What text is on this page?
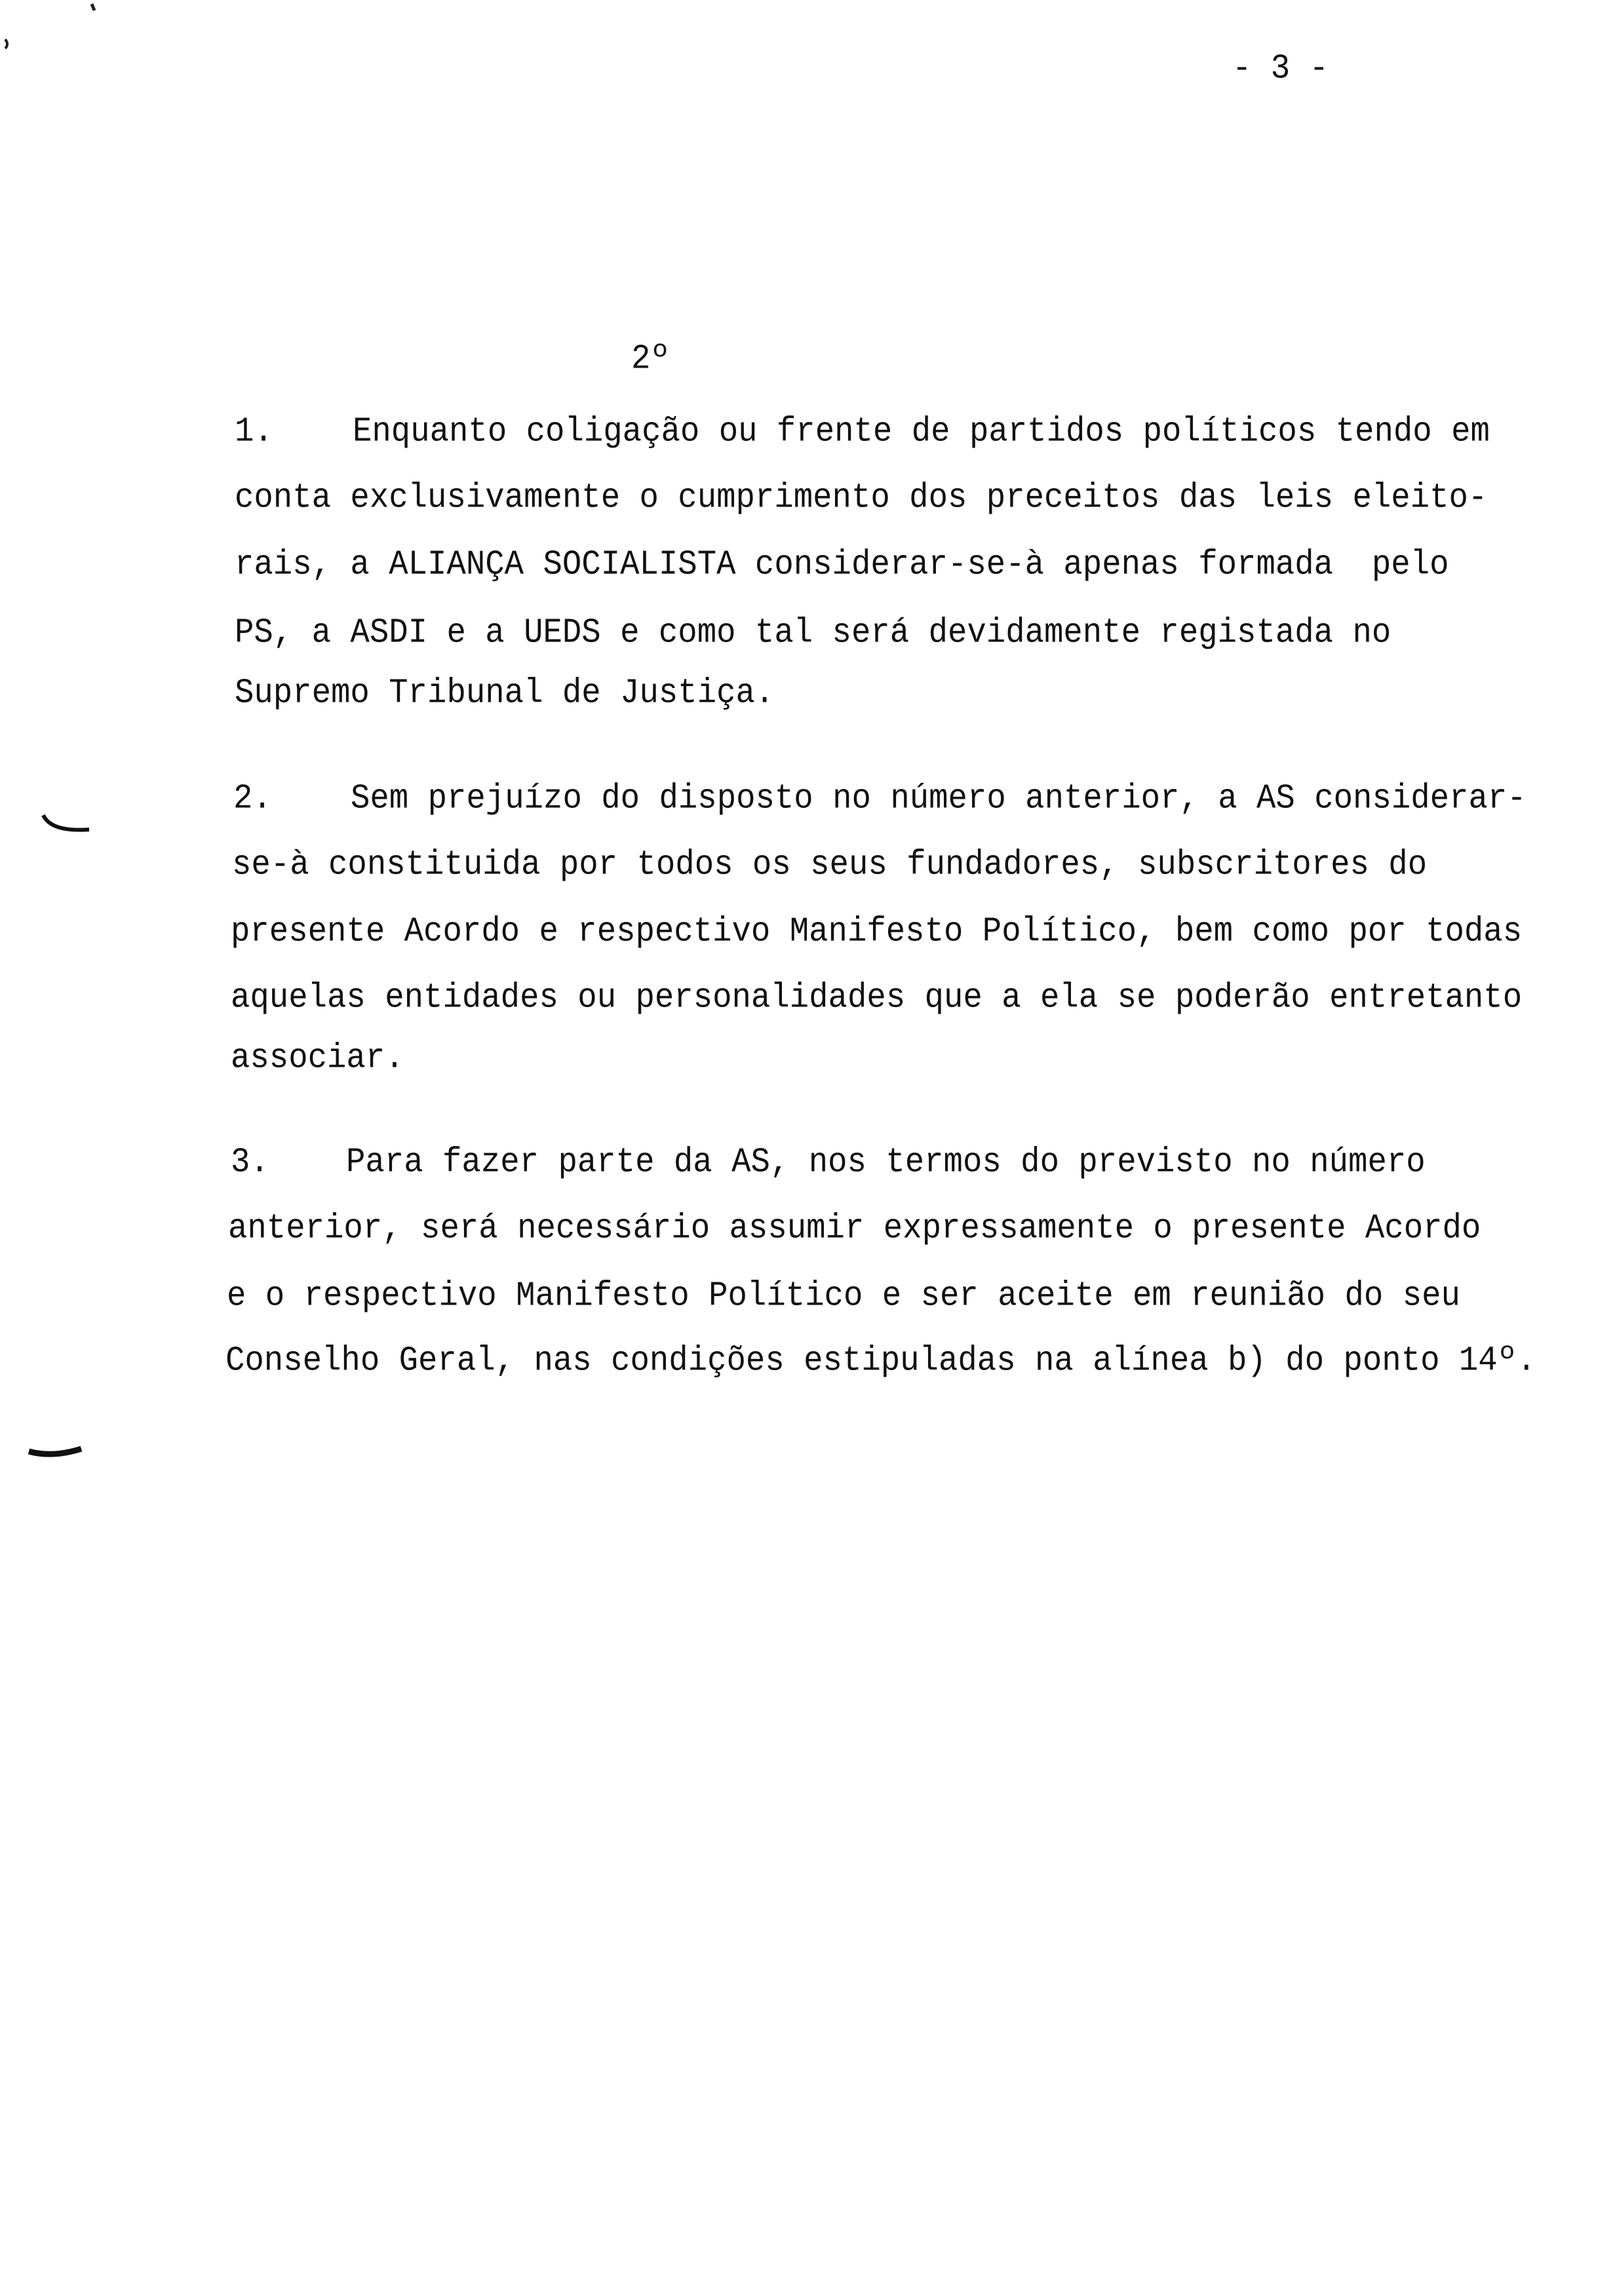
- 3 -
2º
1. Enquanto coligação ou frente de partidos políticos tendo em
conta exclusivamente o cumprimento dos preceitos das leis eleito-
rais, a ALIANÇA SOCIALISTA considerar-se-à apenas formada  pelo
PS, a ASDI e a UEDS e como tal será devidamente registada no
Supremo Tribunal de Justiça.
2. Sem prejuízo do disposto no número anterior, a AS considerar-
se-à constituida por todos os seus fundadores, subscritores do
presente Acordo e respectivo Manifesto Político, bem como por todas
aquelas entidades ou personalidades que a ela se poderão entretanto
associar.
3. Para fazer parte da AS, nos termos do previsto no número
anterior, será necessário assumir expressamente o presente Acordo
e o respectivo Manifesto Político e ser aceite em reunião do seu
Conselho Geral, nas condições estipuladas na alínea b) do ponto 14º.
